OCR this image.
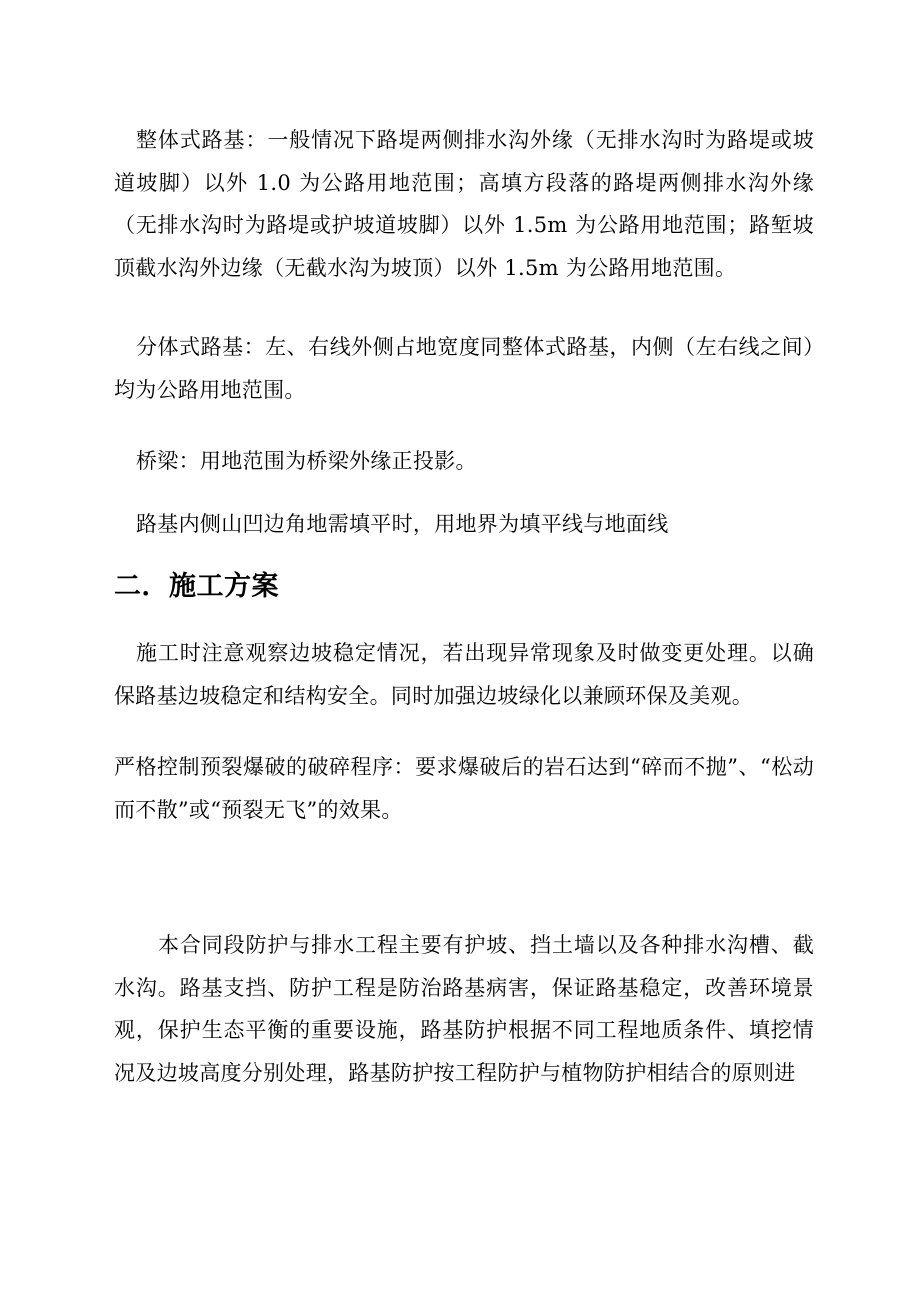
整体式路基：一般情况下路堤两侧排水沟外缘（无排水沟时为路堤或坡道坡脚）以外 1.0 为公路用地范围；高填方段落的路堤两侧排水沟外缘（无排水沟时为路堤或护坡道坡脚）以外 1.5m 为公路用地范围；路堑坡顶截水沟外边缘（无截水沟为坡顶）以外 1.5m 为公路用地范围。

分体式路基：左、右线外侧占地宽度同整体式路基，内侧（左右线之间）均为公路用地范围。

桥梁：用地范围为桥梁外缘正投影。

路基内侧山凹边角地需填平时，用地界为填平线与地面线

二．施工方案

施工时注意观察边坡稳定情况，若出现异常现象及时做变更处理。以确保路基边坡稳定和结构安全。同时加强边坡绿化以兼顾环保及美观。

严格控制预裂爆破的破碎程序：要求爆破后的岩石达到“碎而不抛”、“松动而不散”或“预裂无飞”的效果。

本合同段防护与排水工程主要有护坡、挡土墙以及各种排水沟槽、截水沟。路基支挡、防护工程是防治路基病害，保证路基稳定，改善环境景观，保护生态平衡的重要设施，路基防护根据不同工程地质条件、填挖情况及边坡高度分别处理，路基防护按工程防护与植物防护相结合的原则进
